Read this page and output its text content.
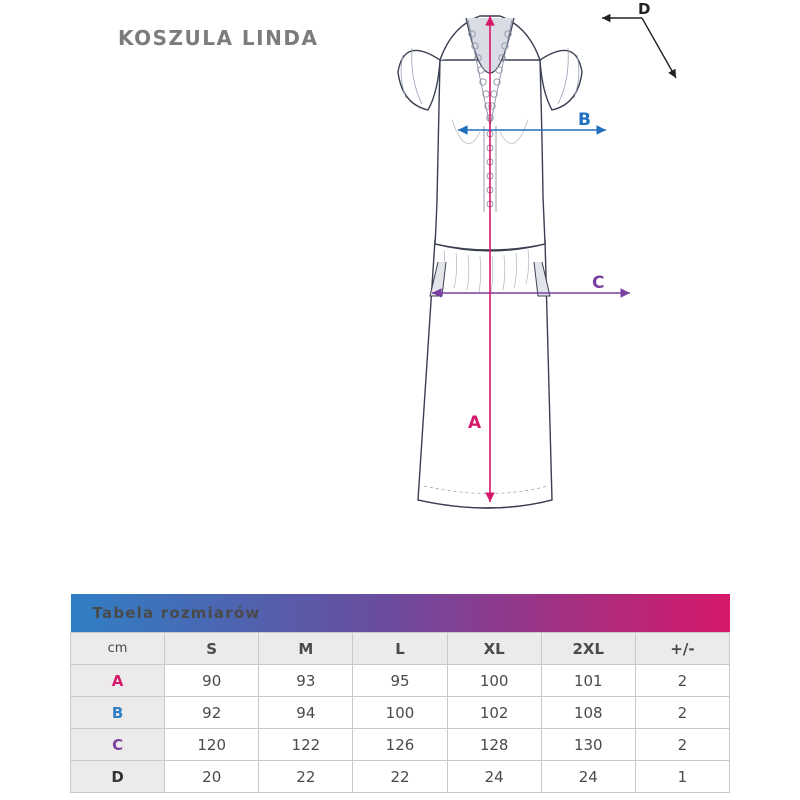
KOSZULA LINDA
B
C
A
D
Tabela rozmiarów						
cm	S	M	L	XL	2XL	+/-
A	90	93	95	100	101	2
B	92	94	100	102	108	2
C	120	122	126	128	130	2
D	20	22	22	24	24	1
